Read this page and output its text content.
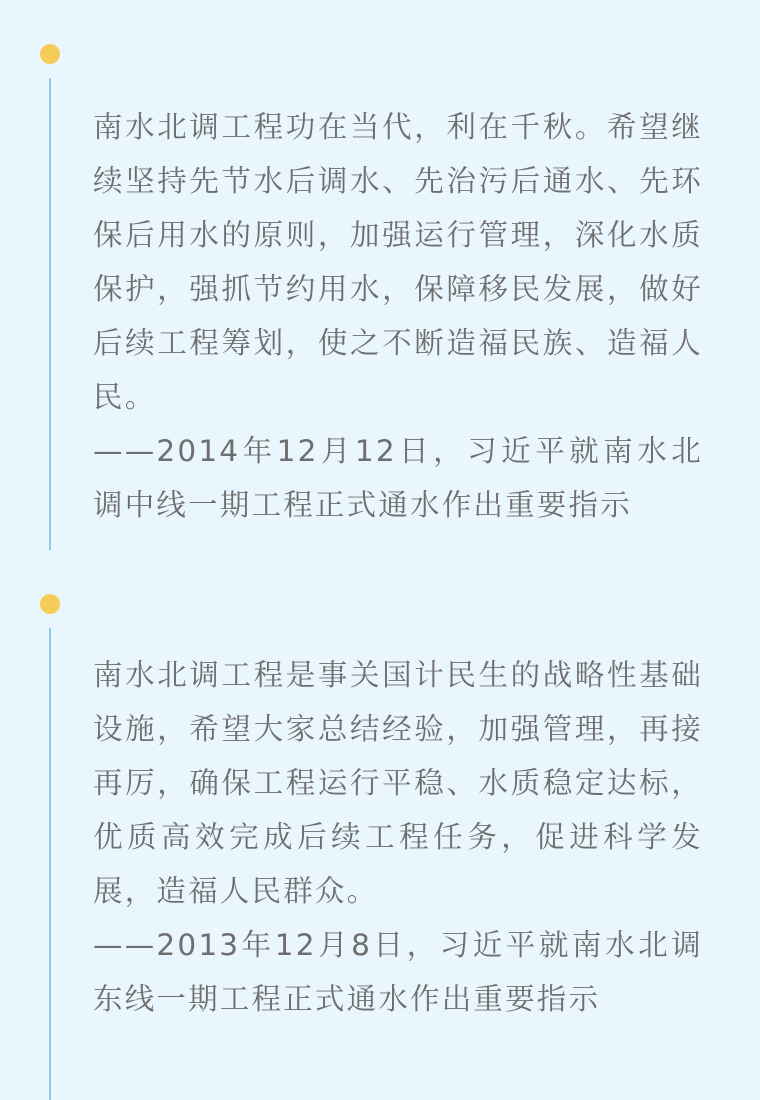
南水北调工程功在当代，利在千秋。希望继续坚持先节水后调水、先治污后通水、先环保后用水的原则，加强运行管理，深化水质保护，强抓节约用水，保障移民发展，做好后续工程筹划，使之不断造福民族、造福人民。

——2014年12月12日，习近平就南水北调中线一期工程正式通水作出重要指示

南水北调工程是事关国计民生的战略性基础设施，希望大家总结经验，加强管理，再接再厉，确保工程运行平稳、水质稳定达标，优质高效完成后续工程任务，促进科学发展，造福人民群众。

——2013年12月8日，习近平就南水北调东线一期工程正式通水作出重要指示
